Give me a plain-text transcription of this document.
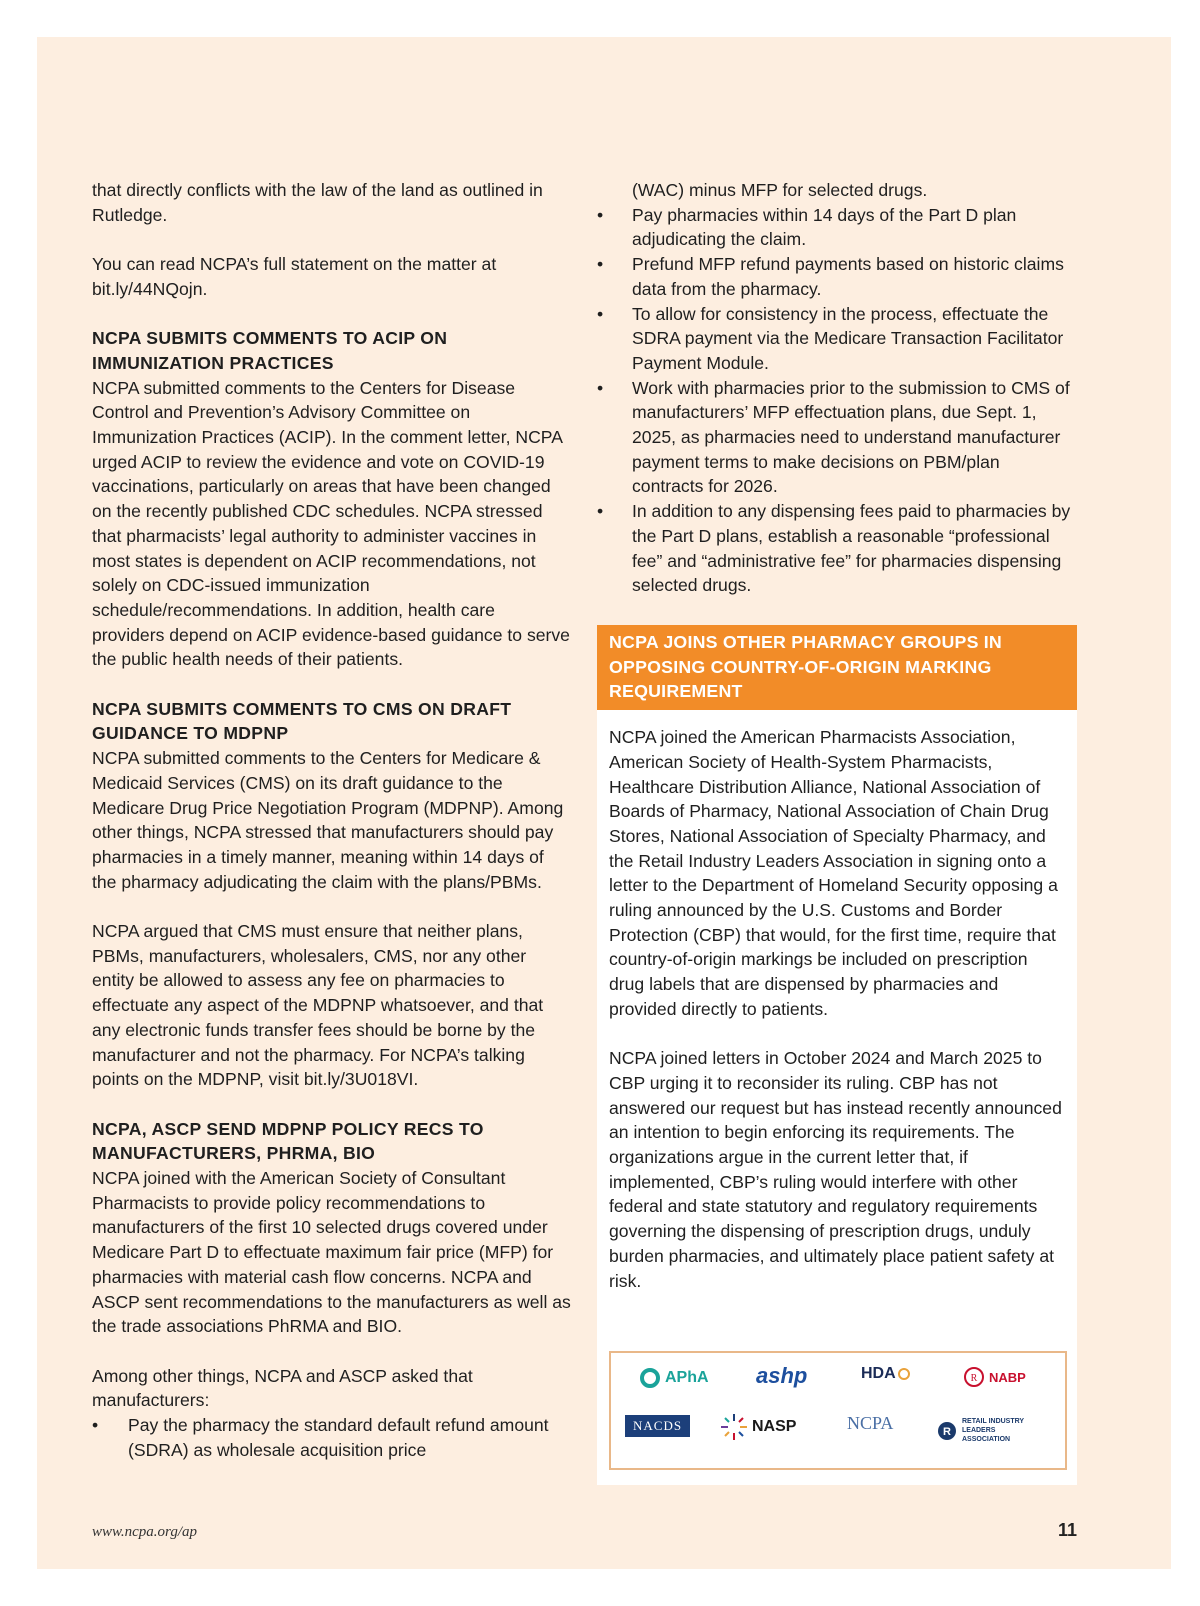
that directly conflicts with the law of the land as outlined in Rutledge.

You can read NCPA’s full statement on the matter at bit.ly/44NQojn.

NCPA SUBMITS COMMENTS TO ACIP ON IMMUNIZATION PRACTICES

NCPA submitted comments to the Centers for Disease Control and Prevention’s Advisory Committee on Immunization Practices (ACIP). In the comment letter, NCPA urged ACIP to review the evidence and vote on COVID-19 vaccinations, particularly on areas that have been changed on the recently published CDC schedules. NCPA stressed that pharmacists’ legal authority to administer vaccines in most states is dependent on ACIP recommendations, not solely on CDC-issued immunization schedule/recommendations. In addition, health care providers depend on ACIP evidence-based guidance to serve the public health needs of their patients.

NCPA SUBMITS COMMENTS TO CMS ON DRAFT GUIDANCE TO MDPNP

NCPA submitted comments to the Centers for Medicare & Medicaid Services (CMS) on its draft guidance to the Medicare Drug Price Negotiation Program (MDPNP). Among other things, NCPA stressed that manufacturers should pay pharmacies in a timely manner, meaning within 14 days of the pharmacy adjudicating the claim with the plans/PBMs.

NCPA argued that CMS must ensure that neither plans, PBMs, manufacturers, wholesalers, CMS, nor any other entity be allowed to assess any fee on pharmacies to effectuate any aspect of the MDPNP whatsoever, and that any electronic funds transfer fees should be borne by the manufacturer and not the pharmacy. For NCPA’s talking points on the MDPNP, visit bit.ly/3U018VI.

NCPA, ASCP SEND MDPNP POLICY RECS TO MANUFACTURERS, PHRMA, BIO

NCPA joined with the American Society of Consultant Pharmacists to provide policy recommendations to manufacturers of the first 10 selected drugs covered under Medicare Part D to effectuate maximum fair price (MFP) for pharmacies with material cash flow concerns. NCPA and ASCP sent recommendations to the manufacturers as well as the trade associations PhRMA and BIO.

Among other things, NCPA and ASCP asked that manufacturers:

• Pay the pharmacy the standard default refund amount (SDRA) as wholesale acquisition price
(WAC) minus MFP for selected drugs.
• Pay pharmacies within 14 days of the Part D plan adjudicating the claim.
• Prefund MFP refund payments based on historic claims data from the pharmacy.
• To allow for consistency in the process, effectuate the SDRA payment via the Medicare Transaction Facilitator Payment Module.
• Work with pharmacies prior to the submission to CMS of manufacturers’ MFP effectuation plans, due Sept. 1, 2025, as pharmacies need to understand manufacturer payment terms to make decisions on PBM/plan contracts for 2026.
• In addition to any dispensing fees paid to pharmacies by the Part D plans, establish a reasonable “professional fee” and “administrative fee” for pharmacies dispensing selected drugs.
NCPA JOINS OTHER PHARMACY GROUPS IN OPPOSING COUNTRY-OF-ORIGIN MARKING REQUIREMENT

NCPA joined the American Pharmacists Association, American Society of Health-System Pharmacists, Healthcare Distribution Alliance, National Association of Boards of Pharmacy, National Association of Chain Drug Stores, National Association of Specialty Pharmacy, and the Retail Industry Leaders Association in signing onto a letter to the Department of Homeland Security opposing a ruling announced by the U.S. Customs and Border Protection (CBP) that would, for the first time, require that country-of-origin markings be included on prescription drug labels that are dispensed by pharmacies and provided directly to patients.

NCPA joined letters in October 2024 and March 2025 to CBP urging it to reconsider its ruling. CBP has not answered our request but has instead recently announced an intention to begin enforcing its requirements. The organizations argue in the current letter that, if implemented, CBP’s ruling would interfere with other federal and state statutory and regulatory requirements governing the dispensing of prescription drugs, unduly burden pharmacies, and ultimately place patient safety at risk.

APhA ashp	HDA	R NABP
NACDS	NASP	NCPA	R
RETAIL INDUSTRY LEADERS ASSOCIATION
www.ncpa.org/ap	11
